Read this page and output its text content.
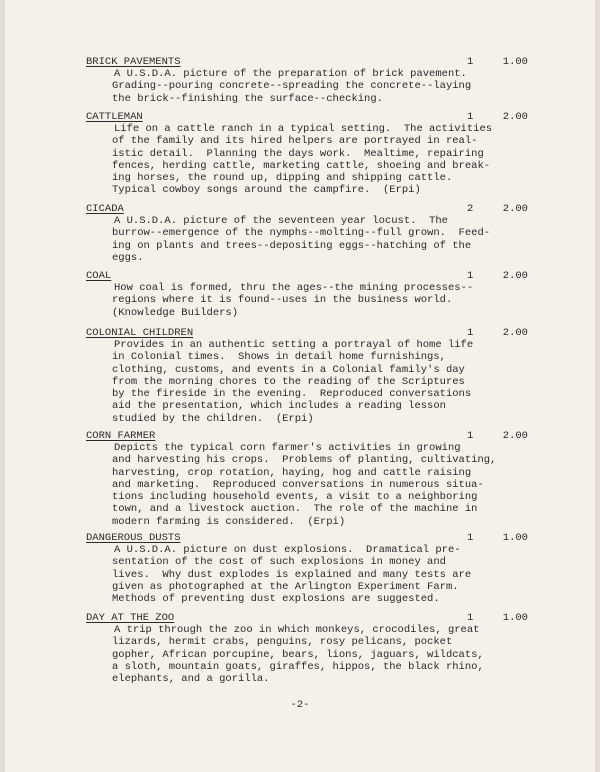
BRICK PAVEMENTS	1	1.00
A U.S.D.A. picture of the preparation of brick pavement.
Grading--pouring concrete--spreading the concrete--laying
the brick--finishing the surface--checking.
CATTLEMAN	1	2.00
Life on a cattle ranch in a typical setting.  The activities
of the family and its hired helpers are portrayed in real-
istic detail.  Planning the days work.  Mealtime, repairing
fences, herding cattle, marketing cattle, shoeing and break-
ing horses, the round up, dipping and shipping cattle.
Typical cowboy songs around the campfire.  (Erpi)
CICADA	2	2.00
A U.S.D.A. picture of the seventeen year locust.  The
burrow--emergence of the nymphs--molting--full grown.  Feed-
ing on plants and trees--depositing eggs--hatching of the
eggs.
COAL	1	2.00
How coal is formed, thru the ages--the mining processes--
regions where it is found--uses in the business world.
(Knowledge Builders)
COLONIAL CHILDREN	1	2.00
Provides in an authentic setting a portrayal of home life
in Colonial times.  Shows in detail home furnishings,
clothing, customs, and events in a Colonial family's day
from the morning chores to the reading of the Scriptures
by the fireside in the evening.  Reproduced conversations
aid the presentation, which includes a reading lesson
studied by the children.  (Erpi)
CORN FARMER	1	2.00
Depicts the typical corn farmer's activities in growing
and harvesting his crops.  Problems of planting, cultivating,
harvesting, crop rotation, haying, hog and cattle raising
and marketing.  Reproduced conversations in numerous situa-
tions including household events, a visit to a neighboring
town, and a livestock auction.  The role of the machine in
modern farming is considered.  (Erpi)
DANGEROUS DUSTS	1	1.00
A U.S.D.A. picture on dust explosions.  Dramatical pre-
sentation of the cost of such explosions in money and
lives.  Why dust explodes is explained and many tests are
given as photographed at the Arlington Experiment Farm.
Methods of preventing dust explosions are suggested.
DAY AT THE ZOO	1	1.00
A trip through the zoo in which monkeys, crocodiles, great
lizards, hermit crabs, penguins, rosy pelicans, pocket
gopher, African porcupine, bears, lions, jaguars, wildcats,
a sloth, mountain goats, giraffes, hippos, the black rhino,
elephants, and a gorilla.
-2-
